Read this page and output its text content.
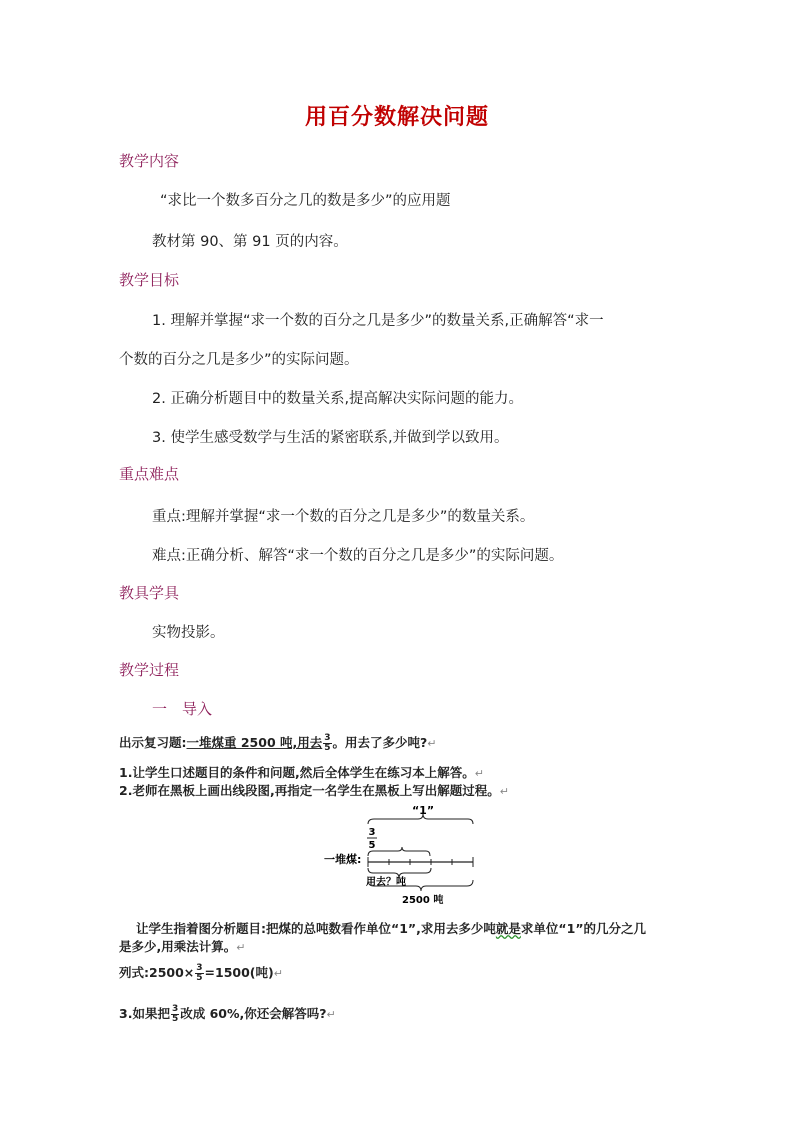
用百分数解决问题
教学内容
“求比一个数多百分之几的数是多少”的应用题
教材第 90、第 91 页的内容。
教学目标
1. 理解并掌握“求一个数的百分之几是多少”的数量关系,正确解答“求一
个数的百分之几是多少”的实际问题。
2. 正确分析题目中的数量关系,提高解决实际问题的能力。
3. 使学生感受数学与生活的紧密联系,并做到学以致用。
重点难点
重点:理解并掌握“求一个数的百分之几是多少”的数量关系。
难点:正确分析、解答“求一个数的百分之几是多少”的实际问题。
教具学具
实物投影。
教学过程
一　导入
出示复习题:一堆煤重 2500 吨,用去 $\frac{3}{5}$ 。用去了多少吨?↵
1.让学生口述题目的条件和问题,然后全体学生在练习本上解答。↵
2.老师在黑板上画出线段图,再指定一名学生在黑板上写出解题过程。↵
“1”
3
5
一堆煤:
用去？吨
2500 吨
让学生指着图分析题目:把煤的总吨数看作单位“1”,求用去多少吨就是求单位“1”的几分之几
是多少,用乘法计算。↵
列式:2500× $\frac{3}{5} =1500$(吨)↵
3.如果把 $\frac{3}{5}$ 改成 60%,你还会解答吗?↵
